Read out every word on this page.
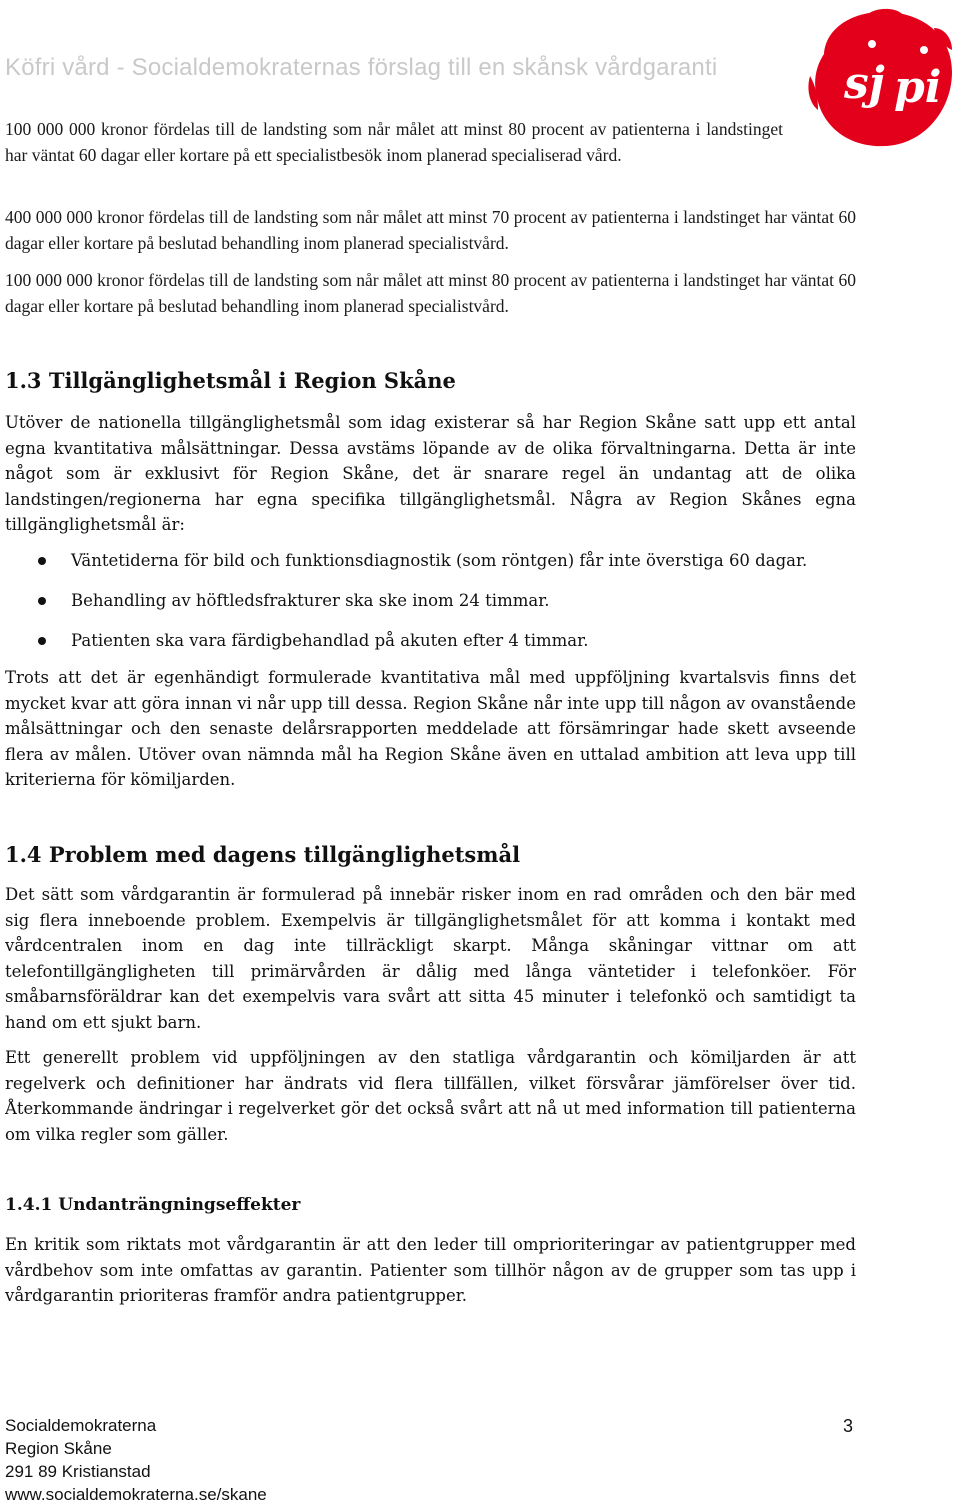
Köfri vård - Socialdemokraternas förslag till en skånsk vårdgaranti	sj pi

100 000 000 kronor fördelas till de landsting som når målet att minst 80 procent av patienterna i landstinget har väntat 60 dagar eller kortare på ett specialistbesök inom planerad specialiserad vård.

400 000 000 kronor fördelas till de landsting som når målet att minst 70 procent av patienterna i landstinget har väntat 60 dagar eller kortare på beslutad behandling inom planerad specialistvård.

100 000 000 kronor fördelas till de landsting som når målet att minst 80 procent av patienterna i landstinget har väntat 60 dagar eller kortare på beslutad behandling inom planerad specialistvård.

1.3 Tillgänglighetsmål i Region Skåne

Utöver de nationella tillgänglighetsmål som idag existerar så har Region Skåne satt upp ett antal egna kvantitativa målsättningar. Dessa avstäms löpande av de olika förvaltningarna. Detta är inte något som är exklusivt för Region Skåne, det är snarare regel än undantag att de olika landstingen/regionerna har egna specifika tillgänglighetsmål. Några av Region Skånes egna tillgänglighetsmål är:

Väntetiderna för bild och funktionsdiagnostik (som röntgen) får inte överstiga 60 dagar.
Behandling av höftledsfrakturer ska ske inom 24 timmar.
Patienten ska vara färdigbehandlad på akuten efter 4 timmar.

Trots att det är egenhändigt formulerade kvantitativa mål med uppföljning kvartalsvis finns det mycket kvar att göra innan vi når upp till dessa. Region Skåne når inte upp till någon av ovanstående målsättningar och den senaste delårsrapporten meddelade att försämringar hade skett avseende flera av målen. Utöver ovan nämnda mål ha Region Skåne även en uttalad ambition att leva upp till kriterierna för kömiljarden.

1.4 Problem med dagens tillgänglighetsmål

Det sätt som vårdgarantin är formulerad på innebär risker inom en rad områden och den bär med sig flera inneboende problem. Exempelvis är tillgänglighetsmålet för att komma i kontakt med vårdcentralen inom en dag inte tillräckligt skarpt. Många skåningar vittnar om att telefontillgängligheten till primärvården är dålig med långa väntetider i telefonköer. För småbarnsföräldrar kan det exempelvis vara svårt att sitta 45 minuter i telefonkö och samtidigt ta hand om ett sjukt barn.

Ett generellt problem vid uppföljningen av den statliga vårdgarantin och kömiljarden är att regelverk och definitioner har ändrats vid flera tillfällen, vilket försvårar jämförelser över tid. Återkommande ändringar i regelverket gör det också svårt att nå ut med information till patienterna om vilka regler som gäller.

1.4.1 Undanträngningseffekter

En kritik som riktats mot vårdgarantin är att den leder till omprioriteringar av patientgrupper med vårdbehov som inte omfattas av garantin. Patienter som tillhör någon av de grupper som tas upp i vårdgarantin prioriteras framför andra patientgrupper.

Socialdemokraterna
Region Skåne
291 89 Kristianstad
www.socialdemokraterna.se/skane
3
